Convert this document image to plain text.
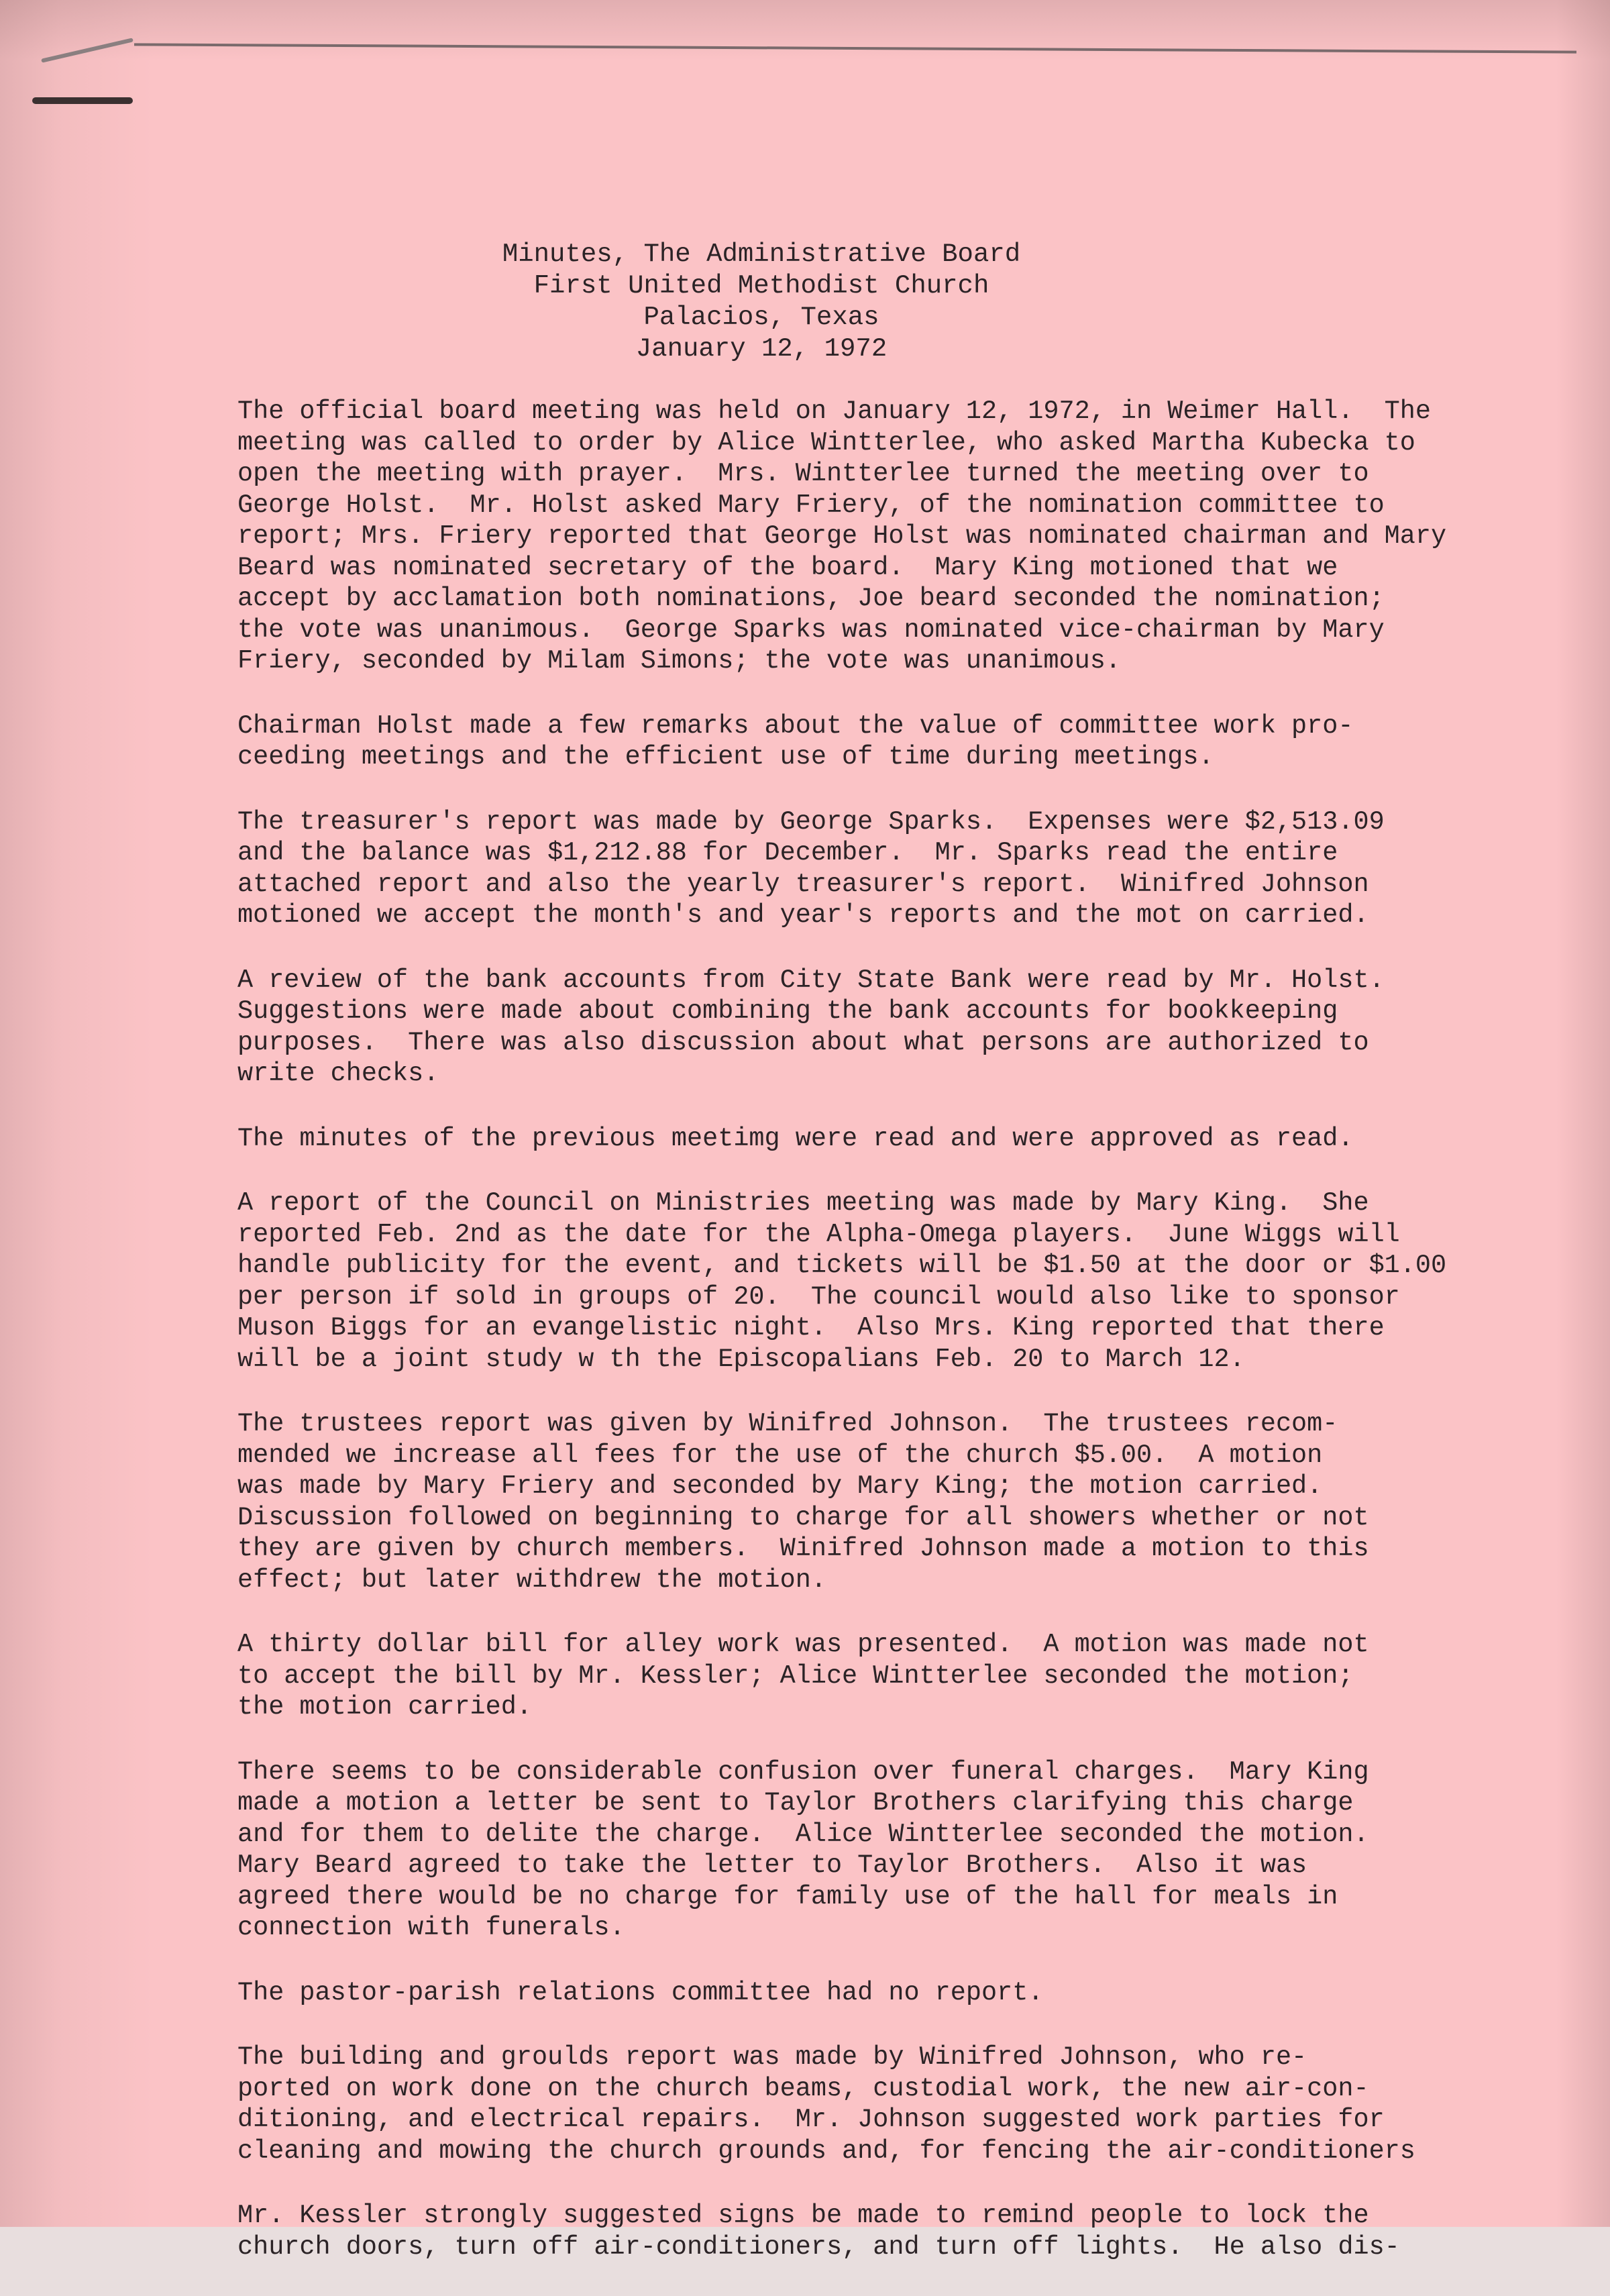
Minutes, The Administrative Board
First United Methodist Church
Palacios, Texas
January 12, 1972
The official board meeting was held on January 12, 1972, in Weimer Hall.  The
meeting was called to order by Alice Wintterlee, who asked Martha Kubecka to
open the meeting with prayer.  Mrs. Wintterlee turned the meeting over to
George Holst.  Mr. Holst asked Mary Friery, of the nomination committee to
report; Mrs. Friery reported that George Holst was nominated chairman and Mary
Beard was nominated secretary of the board.  Mary King motioned that we
accept by acclamation both nominations, Joe beard seconded the nomination;
the vote was unanimous.  George Sparks was nominated vice-chairman by Mary
Friery, seconded by Milam Simons; the vote was unanimous.
Chairman Holst made a few remarks about the value of committee work pro-
ceeding meetings and the efficient use of time during meetings.
The treasurer's report was made by George Sparks.  Expenses were $2,513.09
and the balance was $1,212.88 for December.  Mr. Sparks read the entire
attached report and also the yearly treasurer's report.  Winifred Johnson
motioned we accept the month's and year's reports and the mot on carried.
A review of the bank accounts from City State Bank were read by Mr. Holst.
Suggestions were made about combining the bank accounts for bookkeeping
purposes.  There was also discussion about what persons are authorized to
write checks.
The minutes of the previous meetimg were read and were approved as read.
A report of the Council on Ministries meeting was made by Mary King.  She
reported Feb. 2nd as the date for the Alpha-Omega players.  June Wiggs will
handle publicity for the event, and tickets will be $1.50 at the door or $1.00
per person if sold in groups of 20.  The council would also like to sponsor
Muson Biggs for an evangelistic night.  Also Mrs. King reported that there
will be a joint study w th the Episcopalians Feb. 20 to March 12.
The trustees report was given by Winifred Johnson.  The trustees recom-
mended we increase all fees for the use of the church $5.00.  A motion
was made by Mary Friery and seconded by Mary King; the motion carried.
Discussion followed on beginning to charge for all showers whether or not
they are given by church members.  Winifred Johnson made a motion to this
effect; but later withdrew the motion.
A thirty dollar bill for alley work was presented.  A motion was made not
to accept the bill by Mr. Kessler; Alice Wintterlee seconded the motion;
the motion carried.
There seems to be considerable confusion over funeral charges.  Mary King
made a motion a letter be sent to Taylor Brothers clarifying this charge
and for them to delite the charge.  Alice Wintterlee seconded the motion.
Mary Beard agreed to take the letter to Taylor Brothers.  Also it was
agreed there would be no charge for family use of the hall for meals in
connection with funerals.
The pastor-parish relations committee had no report.
The building and groulds report was made by Winifred Johnson, who re-
ported on work done on the church beams, custodial work, the new air-con-
ditioning, and electrical repairs.  Mr. Johnson suggested work parties for
cleaning and mowing the church grounds and, for fencing the air-conditioners
Mr. Kessler strongly suggested signs be made to remind people to lock the
church doors, turn off air-conditioners, and turn off lights.  He also dis-
